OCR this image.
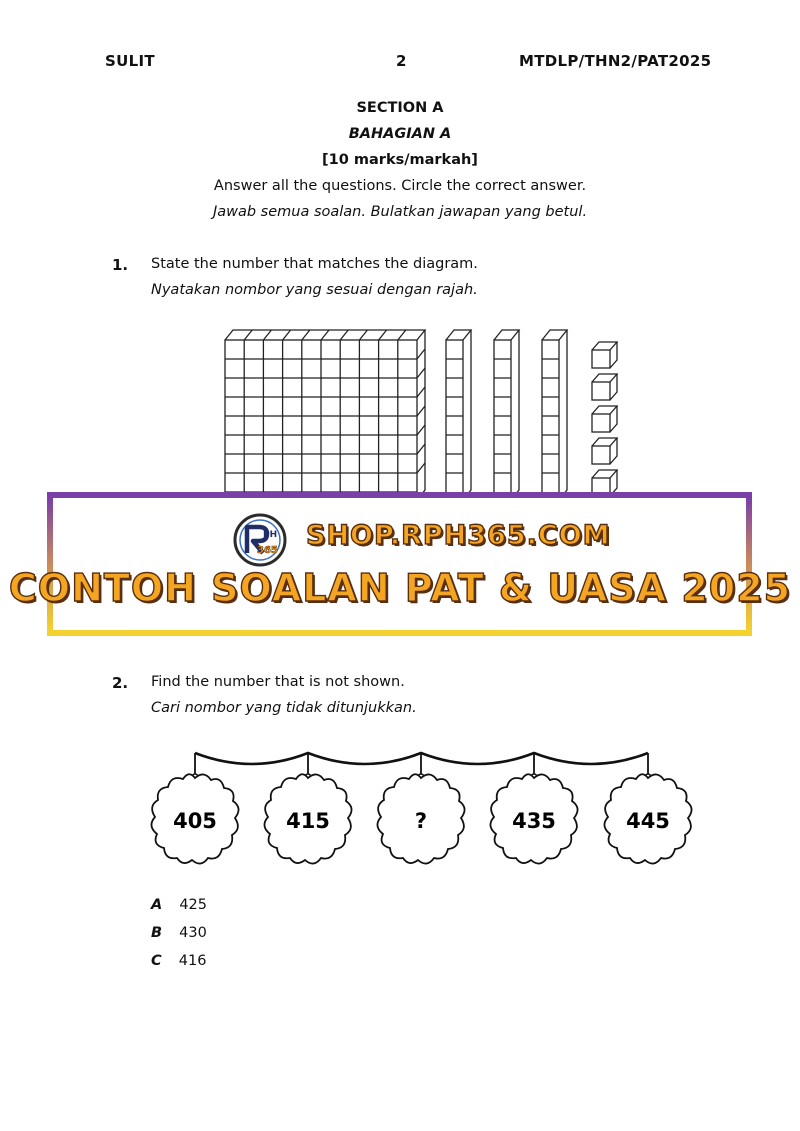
SULIT	2	MTDLP/THN2/PAT2025
SECTION A
BAHAGIAN A
[10 marks/markah]
Answer all the questions. Circle the correct answer.
Jawab semua soalan. Bulatkan jawapan yang betul.
1. State the number that matches the diagram.
Nyatakan nombor yang sesuai dengan rajah.
PH
365 SHOP.RPH365.COM
CONTOH SOALAN PAT & UASA 2025
2. Find the number that is not shown.
Cari nombor yang tidak ditunjukkan.
405	415	?	435	445
A 425
B 430
C 416
